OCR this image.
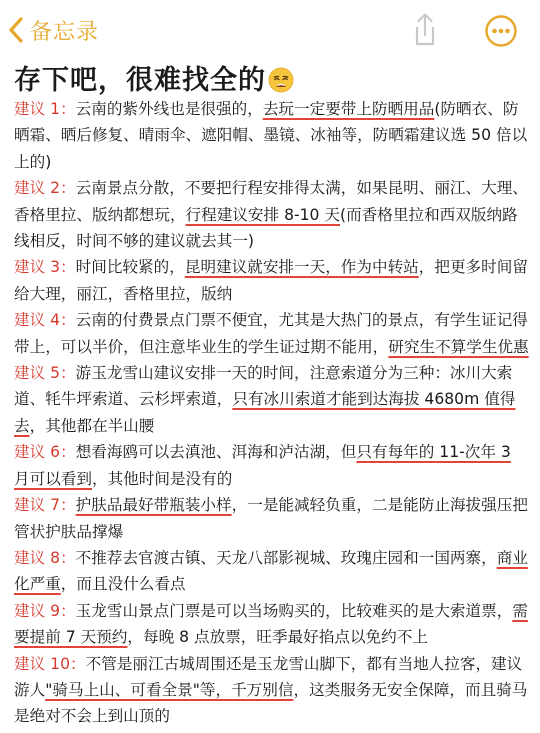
备忘录
存下吧，很难找全的

建议 1：云南的紫外线也是很强的，去玩一定要带上防晒用品(防晒衣、防晒霜、晒后修复、晴雨伞、遮阳帽、墨镜、冰袖等，防晒霜建议选 50 倍以上的)

建议 2：云南景点分散，不要把行程安排得太满，如果昆明、丽江、大理、香格里拉、版纳都想玩，行程建议安排 8-10 天(而香格里拉和西双版纳路线相反，时间不够的建议就去其一)

建议 3：时间比较紧的，昆明建议就安排一天，作为中转站，把更多时间留给大理，丽江，香格里拉，版纳

建议 4：云南的付费景点门票不便宜，尤其是大热门的景点，有学生证记得带上，可以半价，但注意毕业生的学生证过期不能用，研究生不算学生优惠

建议 5：游玉龙雪山建议安排一天的时间，注意索道分为三种：冰川大索道、牦牛坪索道、云杉坪索道，只有冰川索道才能到达海拔 4680m 值得去，其他都在半山腰

建议 6：想看海鸥可以去滇池、洱海和泸沽湖，但只有每年的 11-次年 3 月可以看到，其他时间是没有的

建议 7：护肤品最好带瓶装小样，一是能减轻负重，二是能防止海拔强压把管状护肤品撑爆

建议 8：不推荐去官渡古镇、天龙八部影视城、玫瑰庄园和一国两寨，商业化严重，而且没什么看点

建议 9：玉龙雪山景点门票是可以当场购买的，比较难买的是大索道票，需要提前 7 天预约，每晚 8 点放票，旺季最好掐点以免约不上

建议 10：不管是丽江古城周围还是玉龙雪山脚下，都有当地人拉客，建议游人"骑马上山、可看全景"等，千万别信，这类服务无安全保障，而且骑马是绝对不会上到山顶的
